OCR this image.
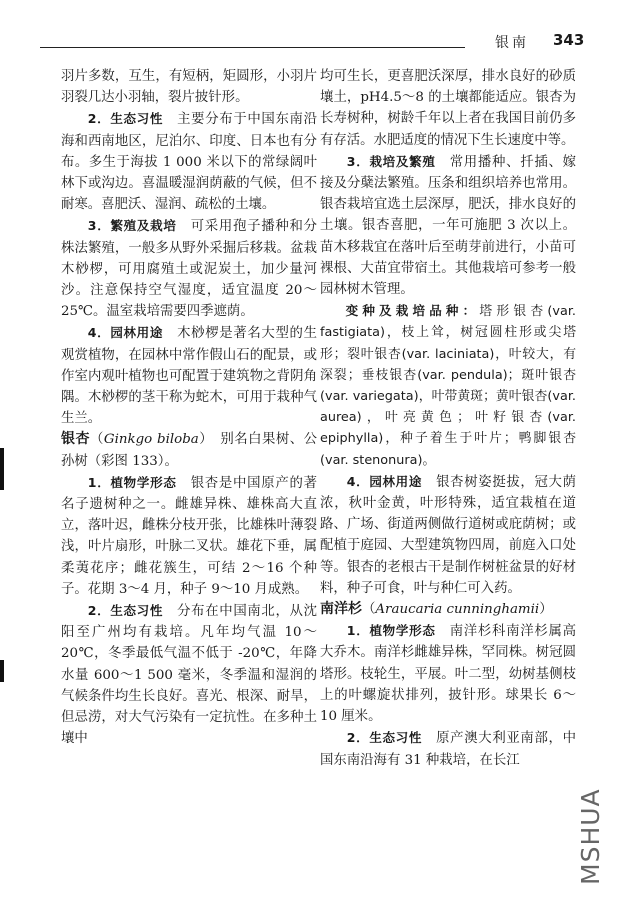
银南 343

羽片多数，互生，有短柄，矩圆形，小羽片羽裂几达小羽轴，裂片披针形。

2．生态习性　主要分布于中国东南沿海和西南地区，尼泊尔、印度、日本也有分布。多生于海拔 1 000 米以下的常绿阔叶林下或沟边。喜温暖湿润荫蔽的气候，但不耐寒。喜肥沃、湿润、疏松的土壤。

3．繁殖及栽培　可采用孢子播种和分株法繁殖，一般多从野外采掘后移栽。盆栽木桫椤，可用腐殖土或泥炭土，加少量河沙。注意保持空气湿度，适宜温度 20～25℃。温室栽培需要四季遮荫。

4．园林用途　木桫椤是著名大型的生观赏植物，在园林中常作假山石的配景，或作室内观叶植物也可配置于建筑物之背阴角隅。木桫椤的茎干称为蛇木，可用于栽种气生兰。

银杏（Ginkgo biloba）　别名白果树、公孙树（彩图 133）。

1．植物学形态　银杏是中国原产的著名子遗树种之一。雌雄异株、雄株高大直立，落叶迟，雌株分枝开张，比雄株叶薄裂浅，叶片扇形，叶脉二叉状。雄花下垂，属柔荑花序；雌花簇生，可结 2～16 个种子。花期 3～4 月，种子 9～10 月成熟。

2．生态习性　分布在中国南北，从沈阳至广州均有栽培。凡年均气温 10～20℃，冬季最低气温不低于 -20℃，年降水量 600～1 500 毫米，冬季温和湿润的气候条件均生长良好。喜光、根深、耐旱，但忌涝，对大气污染有一定抗性。在多种土壤中

均可生长，更喜肥沃深厚，排水良好的砂质壤土，pH4.5～8 的土壤都能适应。银杏为长寿树种，树龄千年以上者在我国目前仍多有存活。水肥适度的情况下生长速度中等。

3．栽培及繁殖　常用播种、扦插、嫁接及分蘖法繁殖。压条和组织培养也常用。银杏栽培宜选土层深厚，肥沃，排水良好的土壤。银杏喜肥，一年可施肥 3 次以上。苗木移栽宜在落叶后至萌芽前进行，小苗可裸根、大苗宜带宿土。其他栽培可参考一般园林树木管理。

变种及栽培品种：塔形银杏(var. fastigiata)，枝上耸，树冠圆柱形或尖塔形；裂叶银杏(var. laciniata)，叶较大，有深裂；垂枝银杏(var. pendula)；斑叶银杏(var. variegata)，叶带黄斑；黄叶银杏(var. aurea)，叶亮黄色；叶籽银杏(var. epiphylla)，种子着生于叶片；鸭脚银杏(var. stenonura)。

4．园林用途　银杏树姿挺拔，冠大荫浓，秋叶金黄，叶形特殊，适宜栽植在道路、广场、街道两侧做行道树或庇荫树；或配植于庭园、大型建筑物四周，前庭入口处等。银杏的老根古干是制作树桩盆景的好材料，种子可食，叶与种仁可入药。

南洋杉（Araucaria cunninghamii）

1．植物学形态　南洋杉科南洋杉属高大乔木。南洋杉雌雄异株，罕同株。树冠圆塔形。枝轮生，平展。叶二型，幼树基侧枝上的叶螺旋状排列，披针形。球果长 6～10 厘米。

2．生态习性　原产澳大利亚南部，中国东南沿海有 31 种栽培，在长江

MSHUA
